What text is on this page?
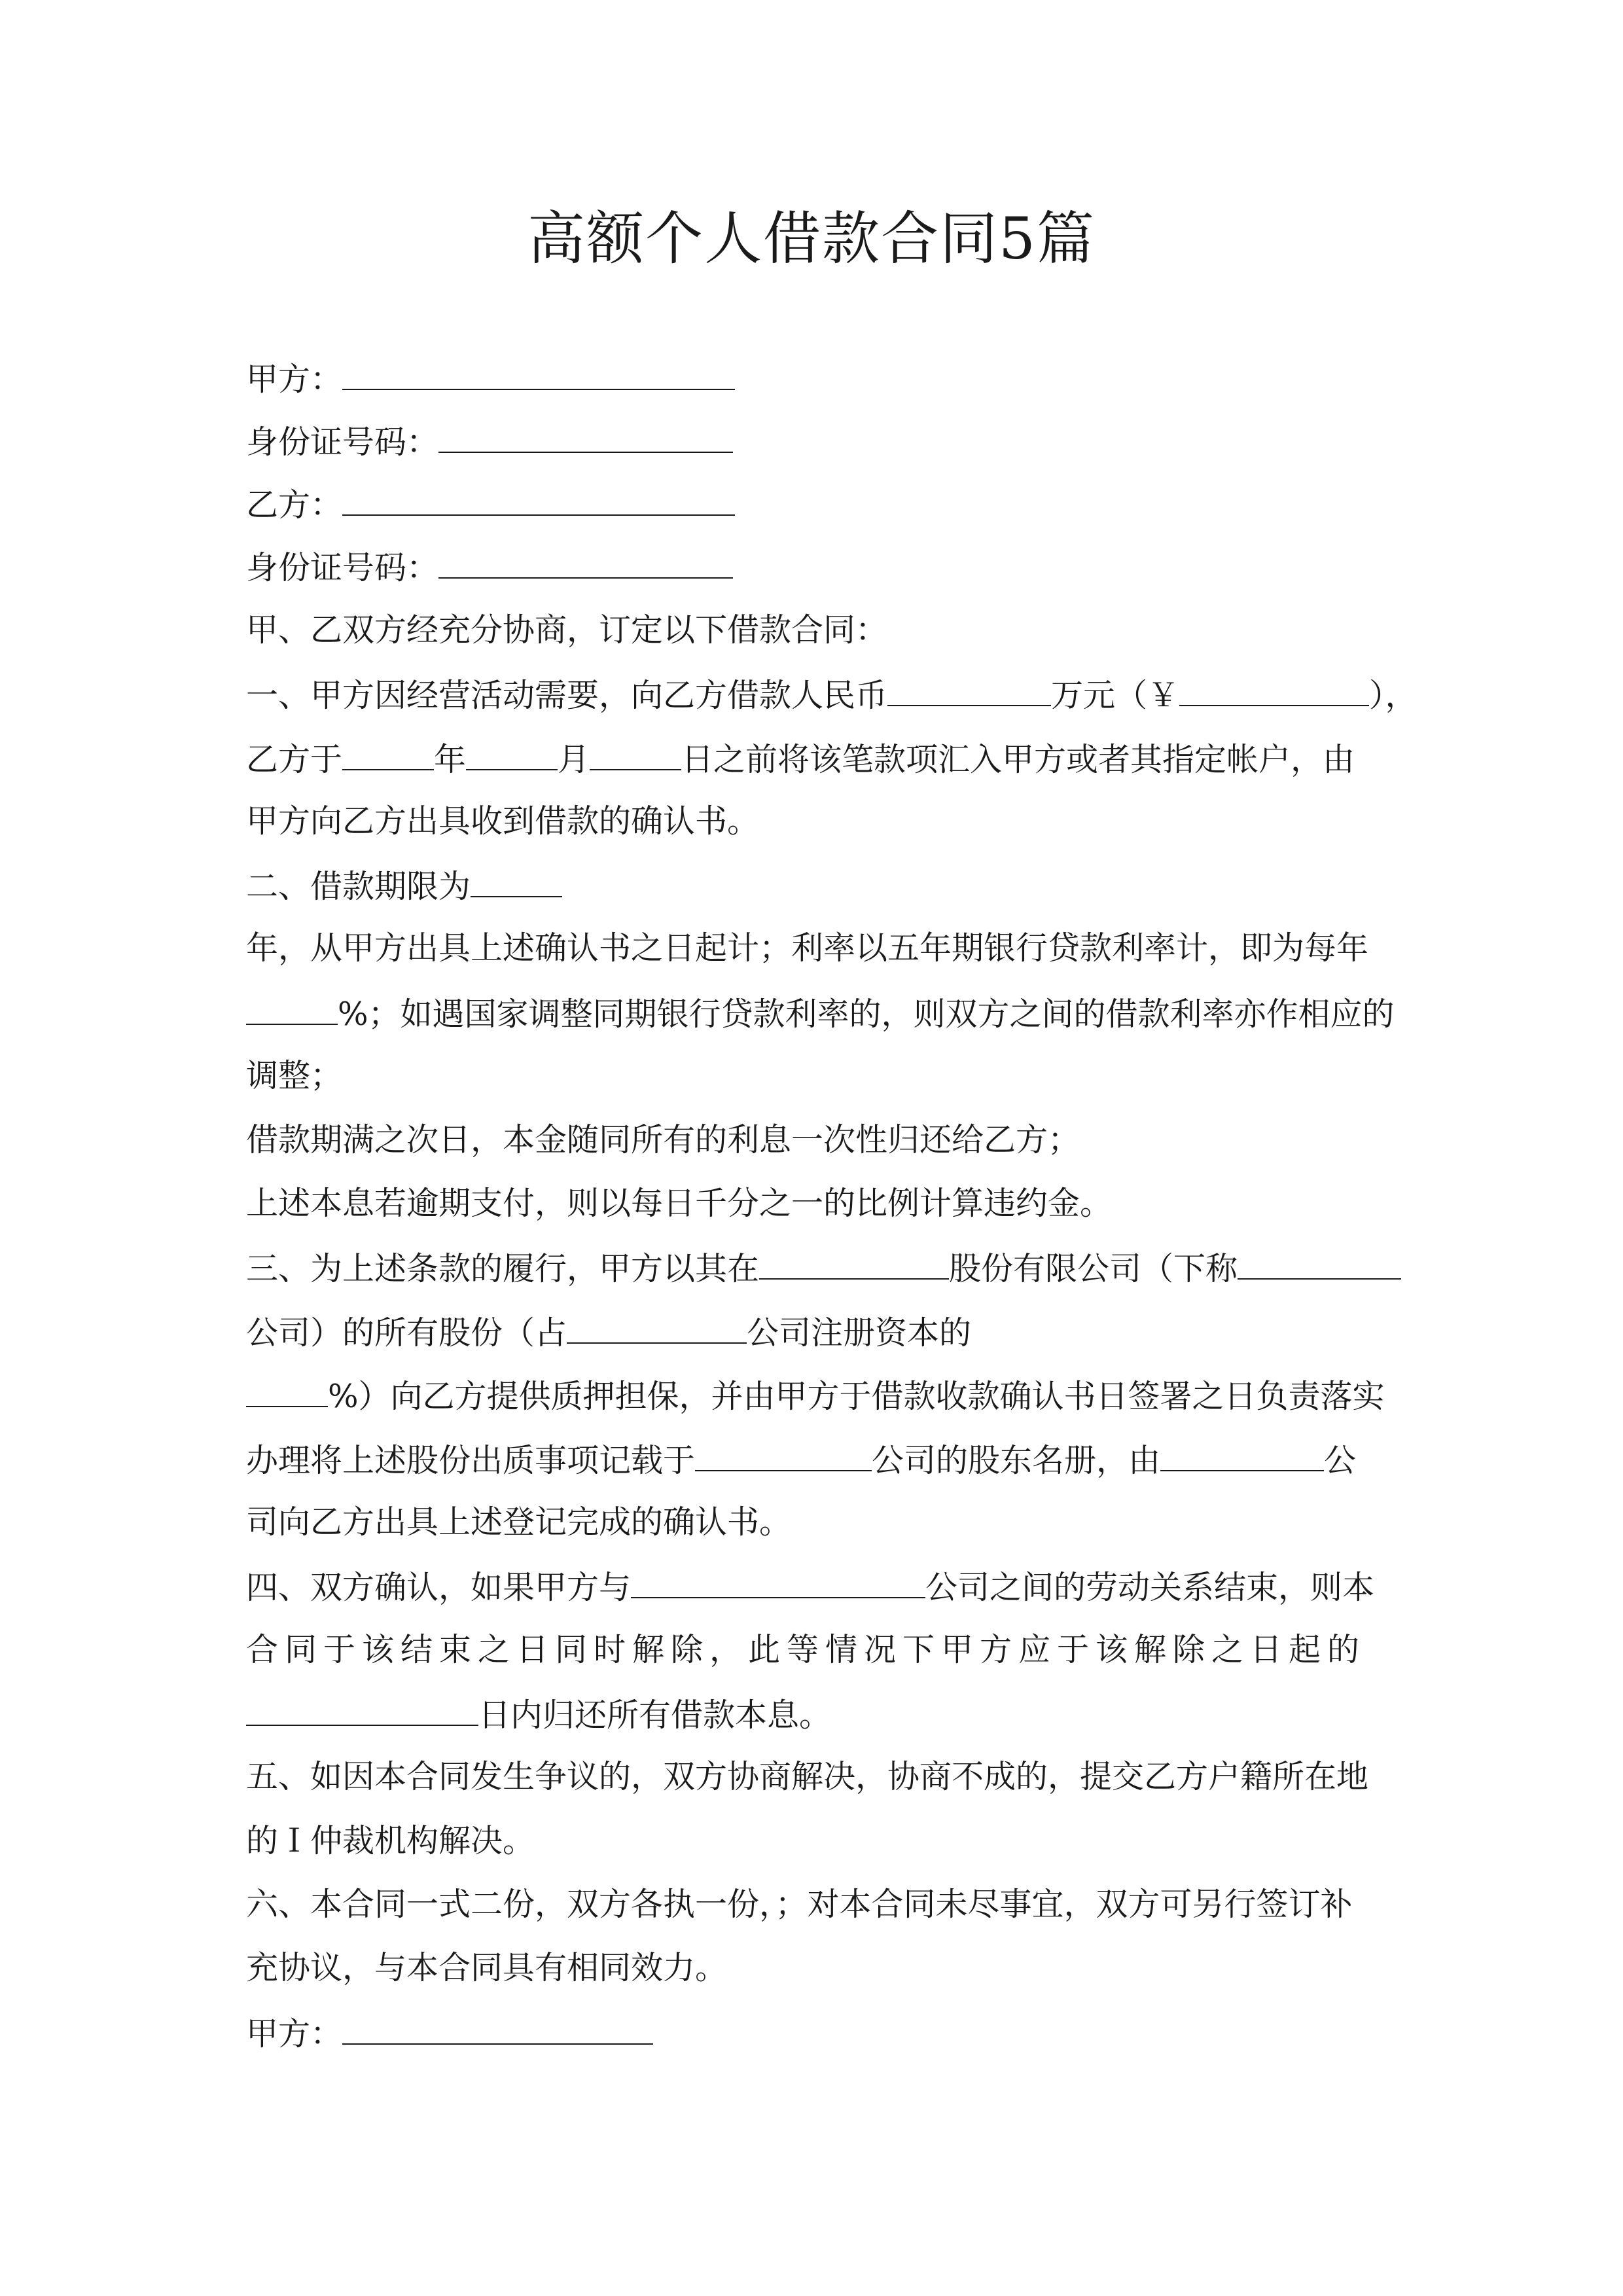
高额个人借款合同5篇
甲方：
身份证号码：
乙方：
身份证号码：
甲、乙双方经充分协商，订定以下借款合同：
一、甲方因经营活动需要，向乙方借款人民币	万元（￥	），
乙方于	年	月	日之前将该笔款项汇入甲方或者其指定帐户，由
甲方向乙方出具收到借款的确认书。
二、借款期限为
年，从甲方出具上述确认书之日起计；利率以五年期银行贷款利率计，即为每年
%；如遇国家调整同期银行贷款利率的，则双方之间的借款利率亦作相应的
调整；
借款期满之次日，本金随同所有的利息一次性归还给乙方；
上述本息若逾期支付，则以每日千分之一的比例计算违约金。
三、为上述条款的履行，甲方以其在	股份有限公司（下称
公司）的所有股份（占	公司注册资本的
%）向乙方提供质押担保，并由甲方于借款收款确认书日签署之日负责落实
办理将上述股份出质事项记载于	公司的股东名册，由	公
司向乙方出具上述登记完成的确认书。
四、双方确认，如果甲方与	公司之间的劳动关系结束，则本
合同于该结束之日同时解除，此等情况下甲方应于该解除之日起的
日内归还所有借款本息。
五、如因本合同发生争议的，双方协商解决，协商不成的，提交乙方户籍所在地
的Ｉ仲裁机构解决。
六、本合同一式二份，双方各执一份，；对本合同未尽事宜，双方可另行签订补
充协议，与本合同具有相同效力。
甲方：
